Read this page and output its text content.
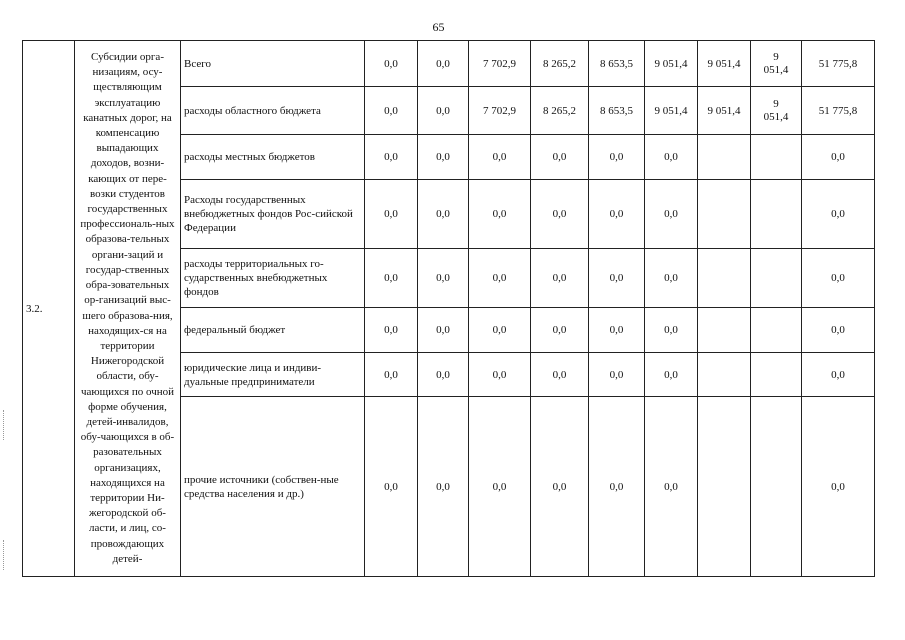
65
3.2.	Субсидии орга-низациям, осу-ществляющим эксплуатацию канатных дорог, на компенсацию выпадающих доходов, возни-кающих от пере-возки студентов государственных профессиональ-ных образова-тельных органи-заций и государ-ственных обра-зовательных ор-ганизаций выс-шего образова-ния, находящих-ся на территории Нижегородской области, обу-чающихся по очной форме обучения, детей-инвалидов, обу-чающихся в об-разовательных организациях, находящихся на территории Ни-жегородской об-ласти, и лиц, со-провождающих детей-	Всего	0,0	0,0	7 702,9	8 265,2	8 653,5	9 051,4	9 051,4	9
051,4	51 775,8
		расходы областного бюджета	0,0	0,0	7 702,9	8 265,2	8 653,5	9 051,4	9 051,4	9
051,4	51 775,8
		расходы местных бюджетов	0,0	0,0	0,0	0,0	0,0	0,0			0,0
		Расходы государственных внебюджетных фондов Рос-сийской Федерации	0,0	0,0	0,0	0,0	0,0	0,0			0,0
		расходы территориальных го-сударственных внебюджетных фондов	0,0	0,0	0,0	0,0	0,0	0,0			0,0
		федеральный бюджет	0,0	0,0	0,0	0,0	0,0	0,0			0,0
		юридические лица и индиви-дуальные предприниматели	0,0	0,0	0,0	0,0	0,0	0,0			0,0
		прочие источники (собствен-ные средства населения и др.)	0,0	0,0	0,0	0,0	0,0	0,0			0,0
